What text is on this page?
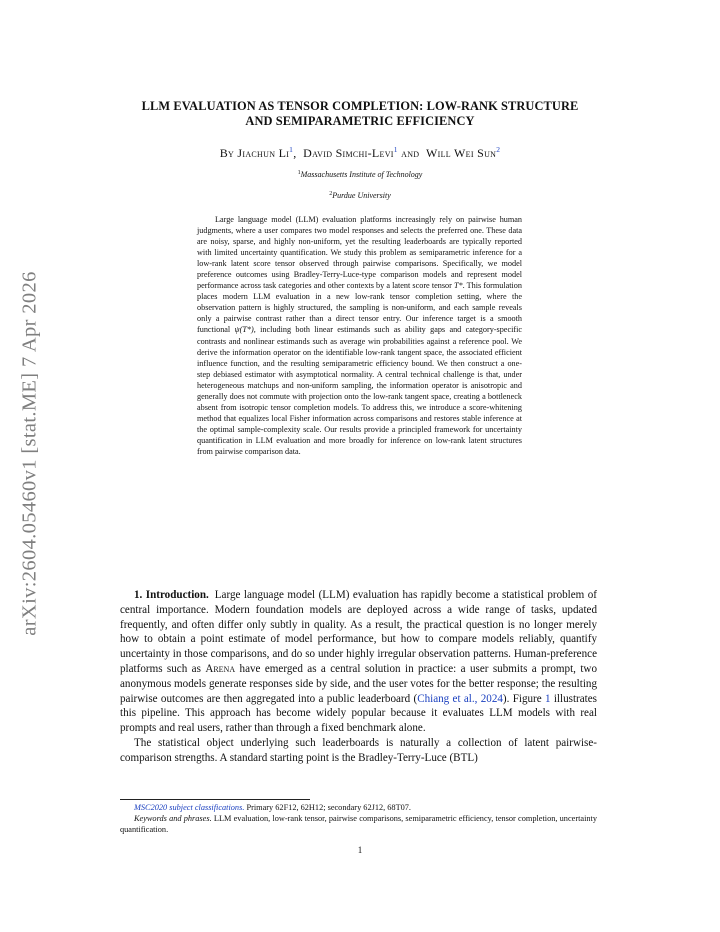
arXiv:2604.05460v1 [stat.ME] 7 Apr 2026
LLM EVALUATION AS TENSOR COMPLETION: LOW-RANK STRUCTURE
AND SEMIPARAMETRIC EFFICIENCY
By Jiachun Li$^1$,  David Simchi-Levi$^1$ and Will Wei Sun$^2$
$^1$Massachusetts Institute of Technology
$^2$Purdue University

Large language model (LLM) evaluation platforms increasingly rely on pairwise human judgments, where a user compares two model responses and selects the preferred one. These data are noisy, sparse, and highly non-uniform, yet the resulting leaderboards are typically reported with limited uncertainty quantification. We study this problem as semiparametric inference for a low-rank latent score tensor observed through pairwise comparisons. Specifically, we model preference outcomes using Bradley-Terry-Luce-type comparison models and represent model performance across task categories and other contexts by a latent score tensor T*. This formulation places modern LLM evaluation in a new low-rank tensor completion setting, where the observation pattern is highly structured, the sampling is non-uniform, and each sample reveals only a pairwise contrast rather than a direct tensor entry. Our inference target is a smooth functional ψ(T*), including both linear estimands such as ability gaps and category-specific contrasts and nonlinear estimands such as average win probabilities against a reference pool. We derive the information operator on the identifiable low-rank tangent space, the associated efficient influence function, and the resulting semiparametric efficiency bound. We then construct a one-step debiased estimator with asymptotical normality. A central technical challenge is that, under heterogeneous matchups and non-uniform sampling, the information operator is anisotropic and generally does not commute with projection onto the low-rank tangent space, creating a bottleneck absent from isotropic tensor completion models. To address this, we introduce a score-whitening method that equalizes local Fisher information across comparisons and restores stable inference at the optimal sample-complexity scale. Our results provide a principled framework for uncertainty quantification in LLM evaluation and more broadly for inference on low-rank latent structures from pairwise comparison data.

1. Introduction. Large language model (LLM) evaluation has rapidly become a statistical problem of central importance. Modern foundation models are deployed across a wide range of tasks, updated frequently, and often differ only subtly in quality. As a result, the practical question is no longer merely how to obtain a point estimate of model performance, but how to compare models reliably, quantify uncertainty in those comparisons, and do so under highly irregular observation patterns. Human-preference platforms such as Arena have emerged as a central solution in practice: a user submits a prompt, two anonymous models generate responses side by side, and the user votes for the better response; the resulting pairwise outcomes are then aggregated into a public leaderboard (Chiang et al., 2024). Figure 1 illustrates this pipeline. This approach has become widely popular because it evaluates LLM models with real prompts and real users, rather than through a fixed benchmark alone.

The statistical object underlying such leaderboards is naturally a collection of latent pairwise-comparison strengths. A standard starting point is the Bradley-Terry-Luce (BTL)

MSC2020 subject classifications. Primary 62F12, 62H12; secondary 62J12, 68T07.

Keywords and phrases. LLM evaluation, low-rank tensor, pairwise comparisons, semiparametric efficiency, tensor completion, uncertainty quantification.

1
